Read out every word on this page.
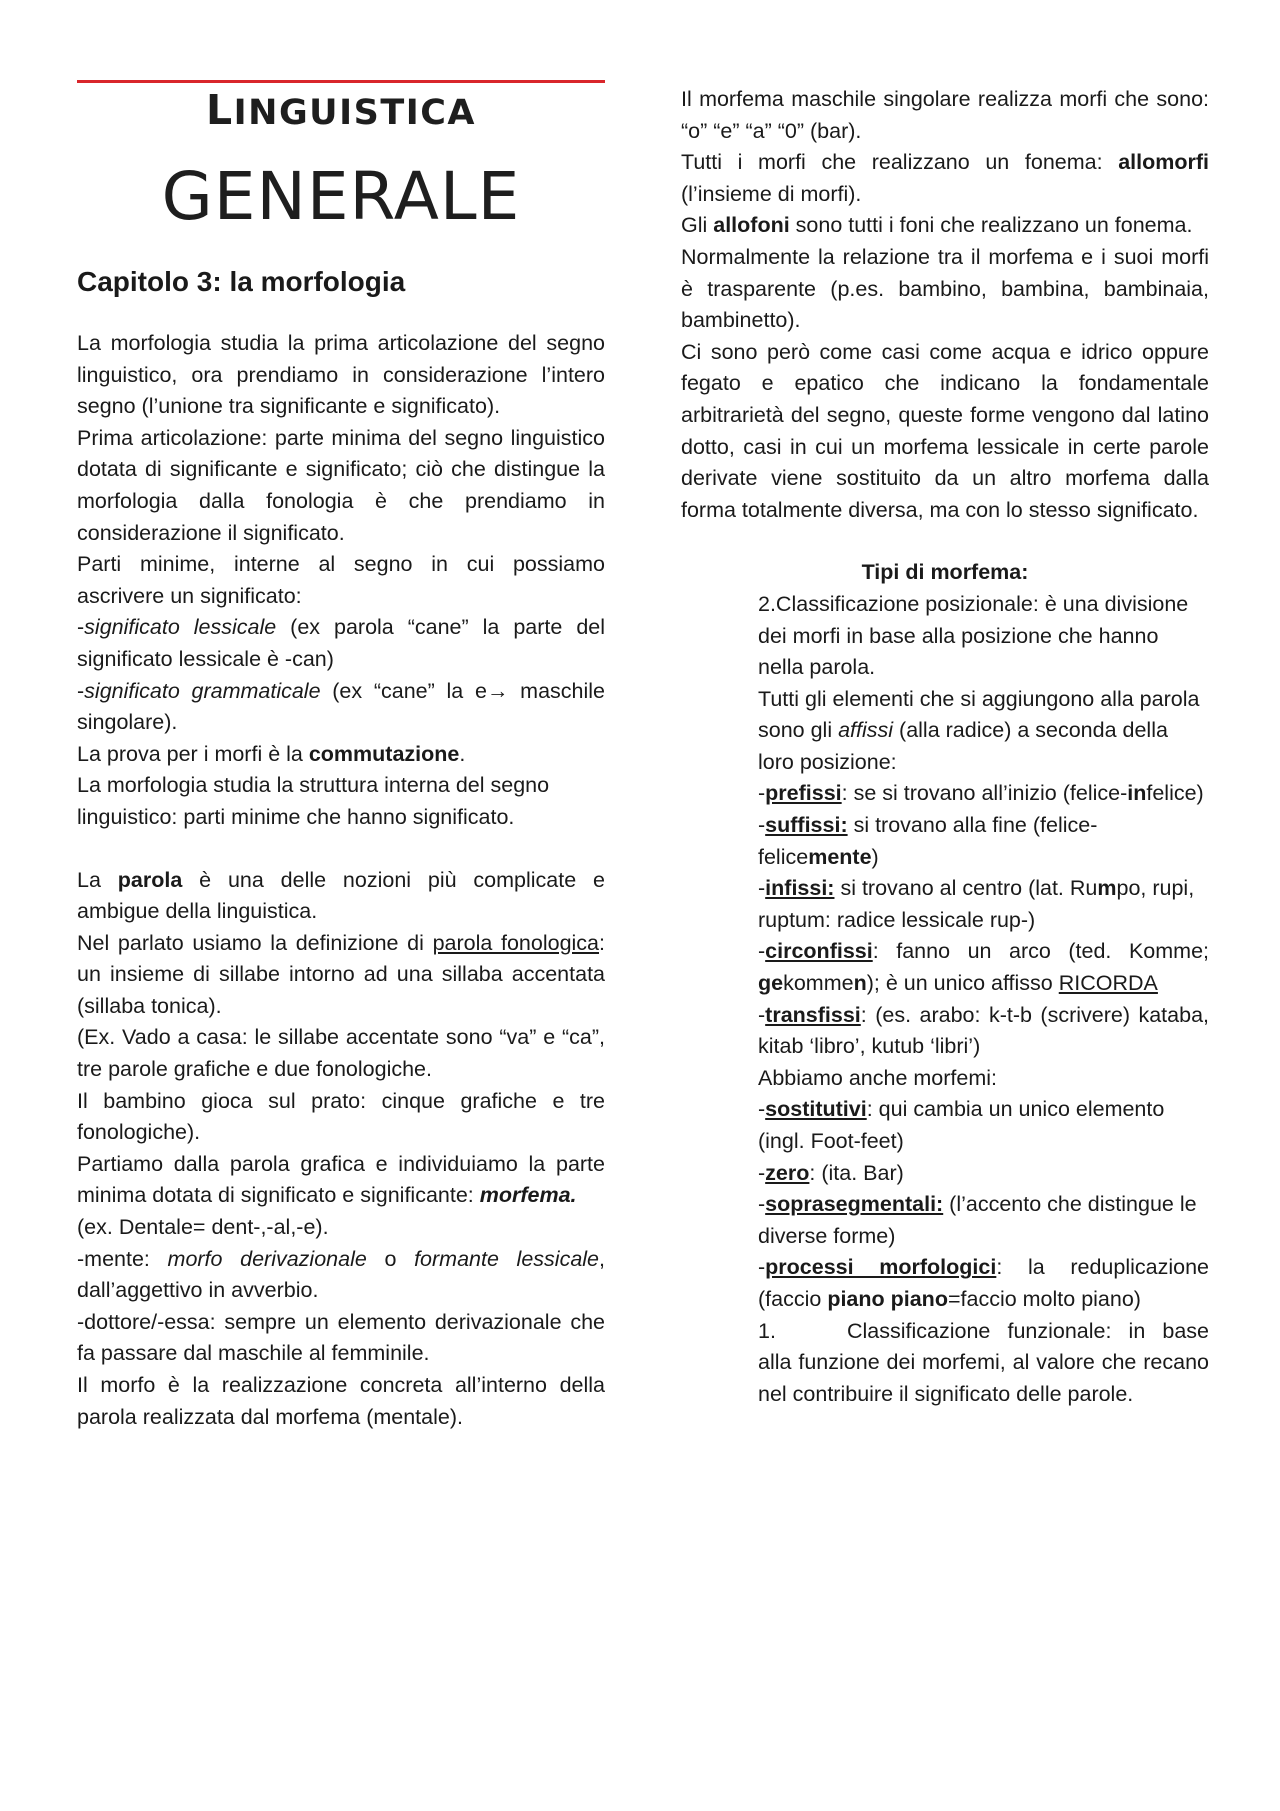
LINGUISTICA
GENERALE
Capitolo 3: la morfologia

La morfologia studia la prima articolazione del segno linguistico, ora prendiamo in considerazione l’intero segno (l’unione tra significante e significato).

Prima articolazione: parte minima del segno linguistico dotata di significante e significato; ciò che distingue la morfologia dalla fonologia è che prendiamo in considerazione il significato.

Parti minime, interne al segno in cui possiamo ascrivere un significato:

-significato lessicale (ex parola “cane” la parte del significato lessicale è -can)

-significato grammaticale (ex “cane” la e→ maschile singolare).

La prova per i morfi è la commutazione.

La morfologia studia la struttura interna del segno linguistico: parti minime che hanno significato.

La parola è una delle nozioni più complicate e ambigue della linguistica.

Nel parlato usiamo la definizione di parola fonologica: un insieme di sillabe intorno ad una sillaba accentata (sillaba tonica).

(Ex. Vado a casa: le sillabe accentate sono “va” e “ca”, tre parole grafiche e due fonologiche.

Il bambino gioca sul prato: cinque grafiche e tre fonologiche).

Partiamo dalla parola grafica e individuiamo la parte minima dotata di significato e significante: morfema.

(ex. Dentale= dent-,-al,-e).

-mente: morfo derivazionale o formante lessicale, dall’aggettivo in avverbio.

-dottore/-essa: sempre un elemento derivazionale che fa passare dal maschile al femminile.

Il morfo è la realizzazione concreta all’interno della parola realizzata dal morfema (mentale).

Il morfema maschile singolare realizza morfi che sono: “o” “e” “a” “0” (bar).

Tutti i morfi che realizzano un fonema: allomorfi (l’insieme di morfi).

Gli allofoni sono tutti i foni che realizzano un fonema.

Normalmente la relazione tra il morfema e i suoi morfi è trasparente (p.es. bambino, bambina, bambinaia, bambinetto).

Ci sono però come casi come acqua e idrico oppure fegato e epatico che indicano la fondamentale arbitrarietà del segno, queste forme vengono dal latino dotto, casi in cui un morfema lessicale in certe parole derivate viene sostituito da un altro morfema dalla forma totalmente diversa, ma con lo stesso significato.

Tipi di morfema:

2.Classificazione posizionale: è una divisione dei morfi in base alla posizione che hanno nella parola.

Tutti gli elementi che si aggiungono alla parola sono gli affissi (alla radice) a seconda della loro posizione:

-prefissi: se si trovano all’inizio (felice-infelice)

-suffissi: si trovano alla fine (felice-felicemente)

-infissi: si trovano al centro (lat. Rumpo, rupi, ruptum: radice lessicale rup-)

-circonfissi: fanno un arco (ted. Komme; gekommen); è un unico affisso RICORDA

-transfissi: (es. arabo: k-t-b (scrivere) kataba, kitab ‘libro’, kutub ‘libri’)

Abbiamo anche morfemi:

-sostitutivi: qui cambia un unico elemento (ingl. Foot-feet)

-zero: (ita. Bar)

-soprasegmentali: (l’accento che distingue le diverse forme)

-processi morfologici: la reduplicazione (faccio piano piano=faccio molto piano)

1.	Classificazione funzionale: in base alla funzione dei morfemi, al valore che recano nel contribuire il significato delle parole.
